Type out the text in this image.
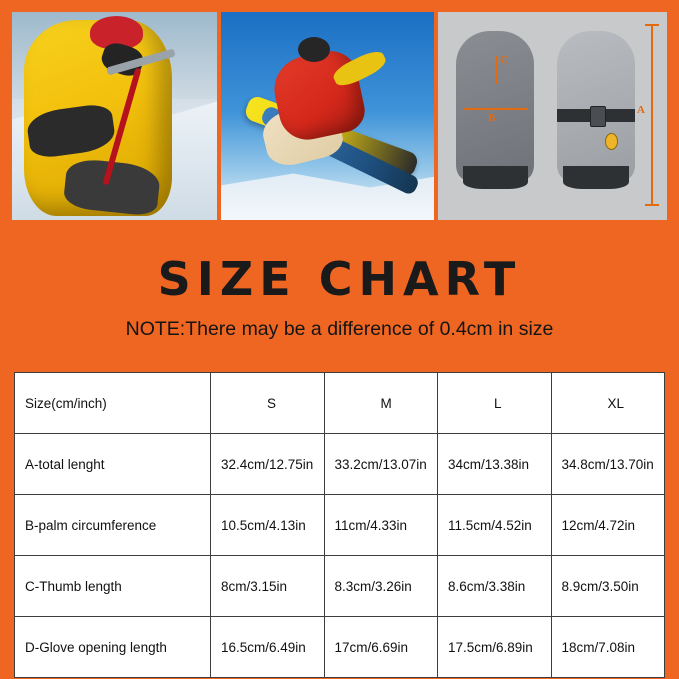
A
B
C
SIZE CHART
NOTE:There may be a difference of 0.4cm in size
Size(cm/inch)	S	M	L	XL
A-total lenght	32.4cm/12.75in	33.2cm/13.07in	34cm/13.38in	34.8cm/13.70in
B-palm circumference	10.5cm/4.13in	11cm/4.33in	11.5cm/4.52in	12cm/4.72in
C-Thumb length	8cm/3.15in	8.3cm/3.26in	8.6cm/3.38in	8.9cm/3.50in
D-Glove opening length	16.5cm/6.49in	17cm/6.69in	17.5cm/6.89in	18cm/7.08in
